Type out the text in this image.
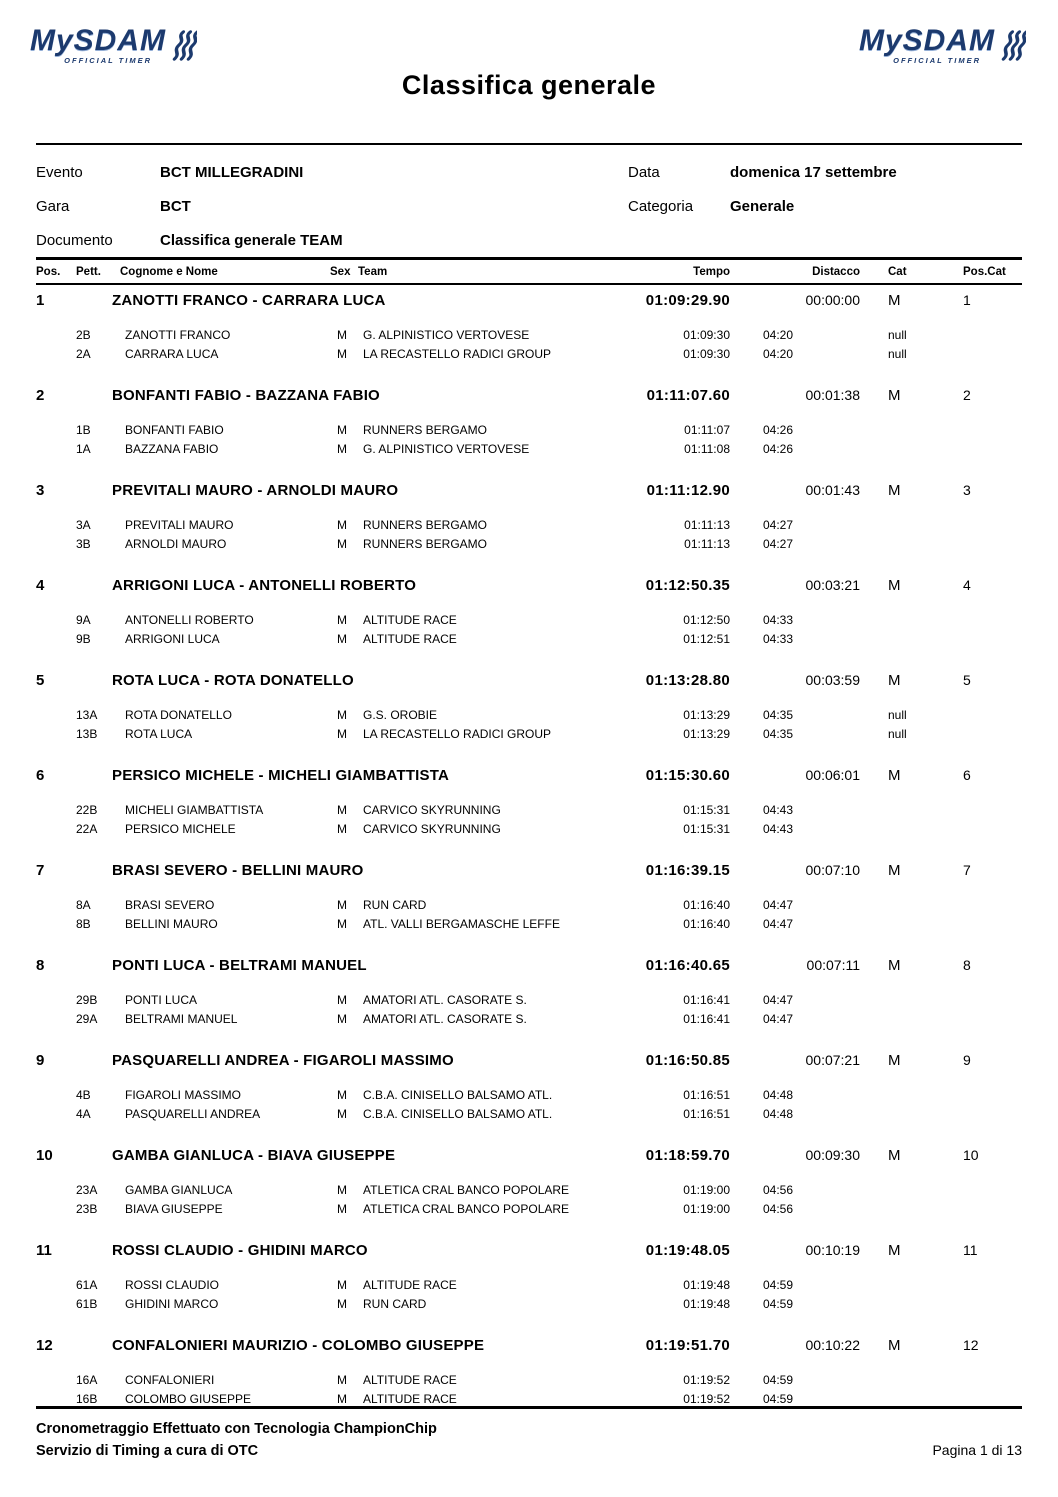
MySDAM
OFFICIAL TIMER
MySDAM
OFFICIAL TIMER
Classifica generale
Evento	BCT MILLEGRADINI	Data	domenica 17 settembre
Gara	BCT	Categoria	Generale
Documento	Classifica generale TEAM
Pos.	Pett.	Cognome e Nome	Sex Team	Tempo	Distacco	Cat	Pos.Cat
1	ZANOTTI FRANCO - CARRARA LUCA	01:09:29.90	00:00:00	M	1
2B	ZANOTTI FRANCO	M	G. ALPINISTICO VERTOVESE	01:09:30	04:20	null
2A	CARRARA LUCA	M	LA RECASTELLO RADICI GROUP	01:09:30	04:20	null
2	BONFANTI FABIO - BAZZANA FABIO	01:11:07.60	00:01:38	M	2
1B	BONFANTI FABIO	M	RUNNERS BERGAMO	01:11:07	04:26
1A	BAZZANA FABIO	M	G. ALPINISTICO VERTOVESE	01:11:08	04:26
3	PREVITALI MAURO - ARNOLDI MAURO	01:11:12.90	00:01:43	M	3
3A	PREVITALI MAURO	M	RUNNERS BERGAMO	01:11:13	04:27
3B	ARNOLDI MAURO	M	RUNNERS BERGAMO	01:11:13	04:27
4	ARRIGONI LUCA - ANTONELLI ROBERTO	01:12:50.35	00:03:21	M	4
9A	ANTONELLI ROBERTO	M	ALTITUDE RACE	01:12:50	04:33
9B	ARRIGONI LUCA	M	ALTITUDE RACE	01:12:51	04:33
5	ROTA LUCA - ROTA DONATELLO	01:13:28.80	00:03:59	M	5
13A	ROTA DONATELLO	M	G.S. OROBIE	01:13:29	04:35	null
13B	ROTA LUCA	M	LA RECASTELLO RADICI GROUP	01:13:29	04:35	null
6	PERSICO MICHELE - MICHELI GIAMBATTISTA	01:15:30.60	00:06:01	M	6
22B	MICHELI GIAMBATTISTA	M	CARVICO SKYRUNNING	01:15:31	04:43
22A	PERSICO MICHELE	M	CARVICO SKYRUNNING	01:15:31	04:43
7	BRASI SEVERO - BELLINI MAURO	01:16:39.15	00:07:10	M	7
8A	BRASI SEVERO	M	RUN CARD	01:16:40	04:47
8B	BELLINI MAURO	M	ATL. VALLI BERGAMASCHE LEFFE	01:16:40	04:47
8	PONTI LUCA - BELTRAMI MANUEL	01:16:40.65	00:07:11	M	8
29B	PONTI LUCA	M	AMATORI ATL. CASORATE S.	01:16:41	04:47
29A	BELTRAMI MANUEL	M	AMATORI ATL. CASORATE S.	01:16:41	04:47
9	PASQUARELLI ANDREA - FIGAROLI MASSIMO	01:16:50.85	00:07:21	M	9
4B	FIGAROLI MASSIMO	M	C.B.A. CINISELLO BALSAMO ATL.	01:16:51	04:48
4A	PASQUARELLI ANDREA	M	C.B.A. CINISELLO BALSAMO ATL.	01:16:51	04:48
10	GAMBA GIANLUCA - BIAVA GIUSEPPE	01:18:59.70	00:09:30	M	10
23A	GAMBA GIANLUCA	M	ATLETICA CRAL BANCO POPOLARE	01:19:00	04:56
23B	BIAVA GIUSEPPE	M	ATLETICA CRAL BANCO POPOLARE	01:19:00	04:56
11	ROSSI CLAUDIO - GHIDINI MARCO	01:19:48.05	00:10:19	M	11
61A	ROSSI CLAUDIO	M	ALTITUDE RACE	01:19:48	04:59
61B	GHIDINI MARCO	M	RUN CARD	01:19:48	04:59
12	CONFALONIERI MAURIZIO - COLOMBO GIUSEPPE	01:19:51.70	00:10:22	M	12
16A	CONFALONIERI	M	ALTITUDE RACE	01:19:52	04:59
16B	COLOMBO GIUSEPPE	M	ALTITUDE RACE	01:19:52	04:59
Cronometraggio Effettuato con Tecnologia ChampionChip
Servizio di Timing a cura di OTC	Pagina 1 di 13
